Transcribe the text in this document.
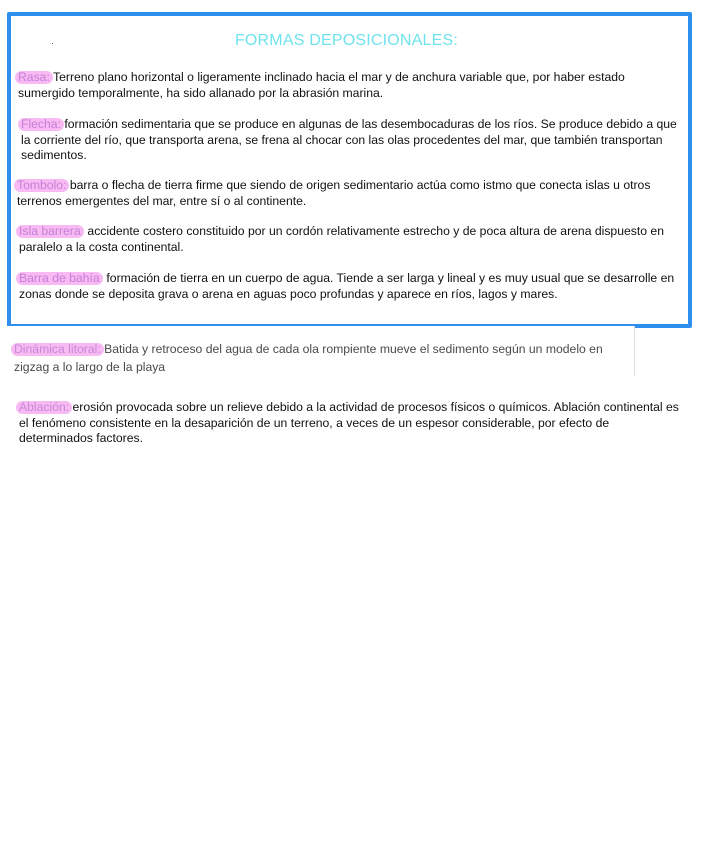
FORMAS DEPOSICIONALES:

Rasa: Terreno plano horizontal o ligeramente inclinado hacia el mar y de anchura variable que, por haber estado sumergido temporalmente, ha sido allanado por la abrasión marina.

Flecha: formación sedimentaria que se produce en algunas de las desembocaduras de los ríos. Se produce debido a que la corriente del río, que transporta arena, se frena al chocar con las olas procedentes del mar, que también transportan sedimentos.

Tombolo: barra o flecha de tierra firme que siendo de origen sedimentario actúa como istmo que conecta islas u otros terrenos emergentes del mar, entre sí o al continente.

Isla barrera: accidente costero constituido por un cordón relativamente estrecho y de poca altura de arena dispuesto en paralelo a la costa continental.

Barra de bahía: formación de tierra en un cuerpo de agua. Tiende a ser larga y lineal y es muy usual que se desarrolle en zonas donde se deposita grava o arena en aguas poco profundas y aparece en ríos, lagos y mares.

Dinámica litoral: Batida y retroceso del agua de cada ola rompiente mueve el sedimento según un modelo en zigzag a lo largo de la playa

Ablación: erosión provocada sobre un relieve debido a la actividad de procesos físicos o químicos. Ablación continental es el fenómeno consistente en la desaparición de un terreno, a veces de un espesor considerable, por efecto de determinados factores.
